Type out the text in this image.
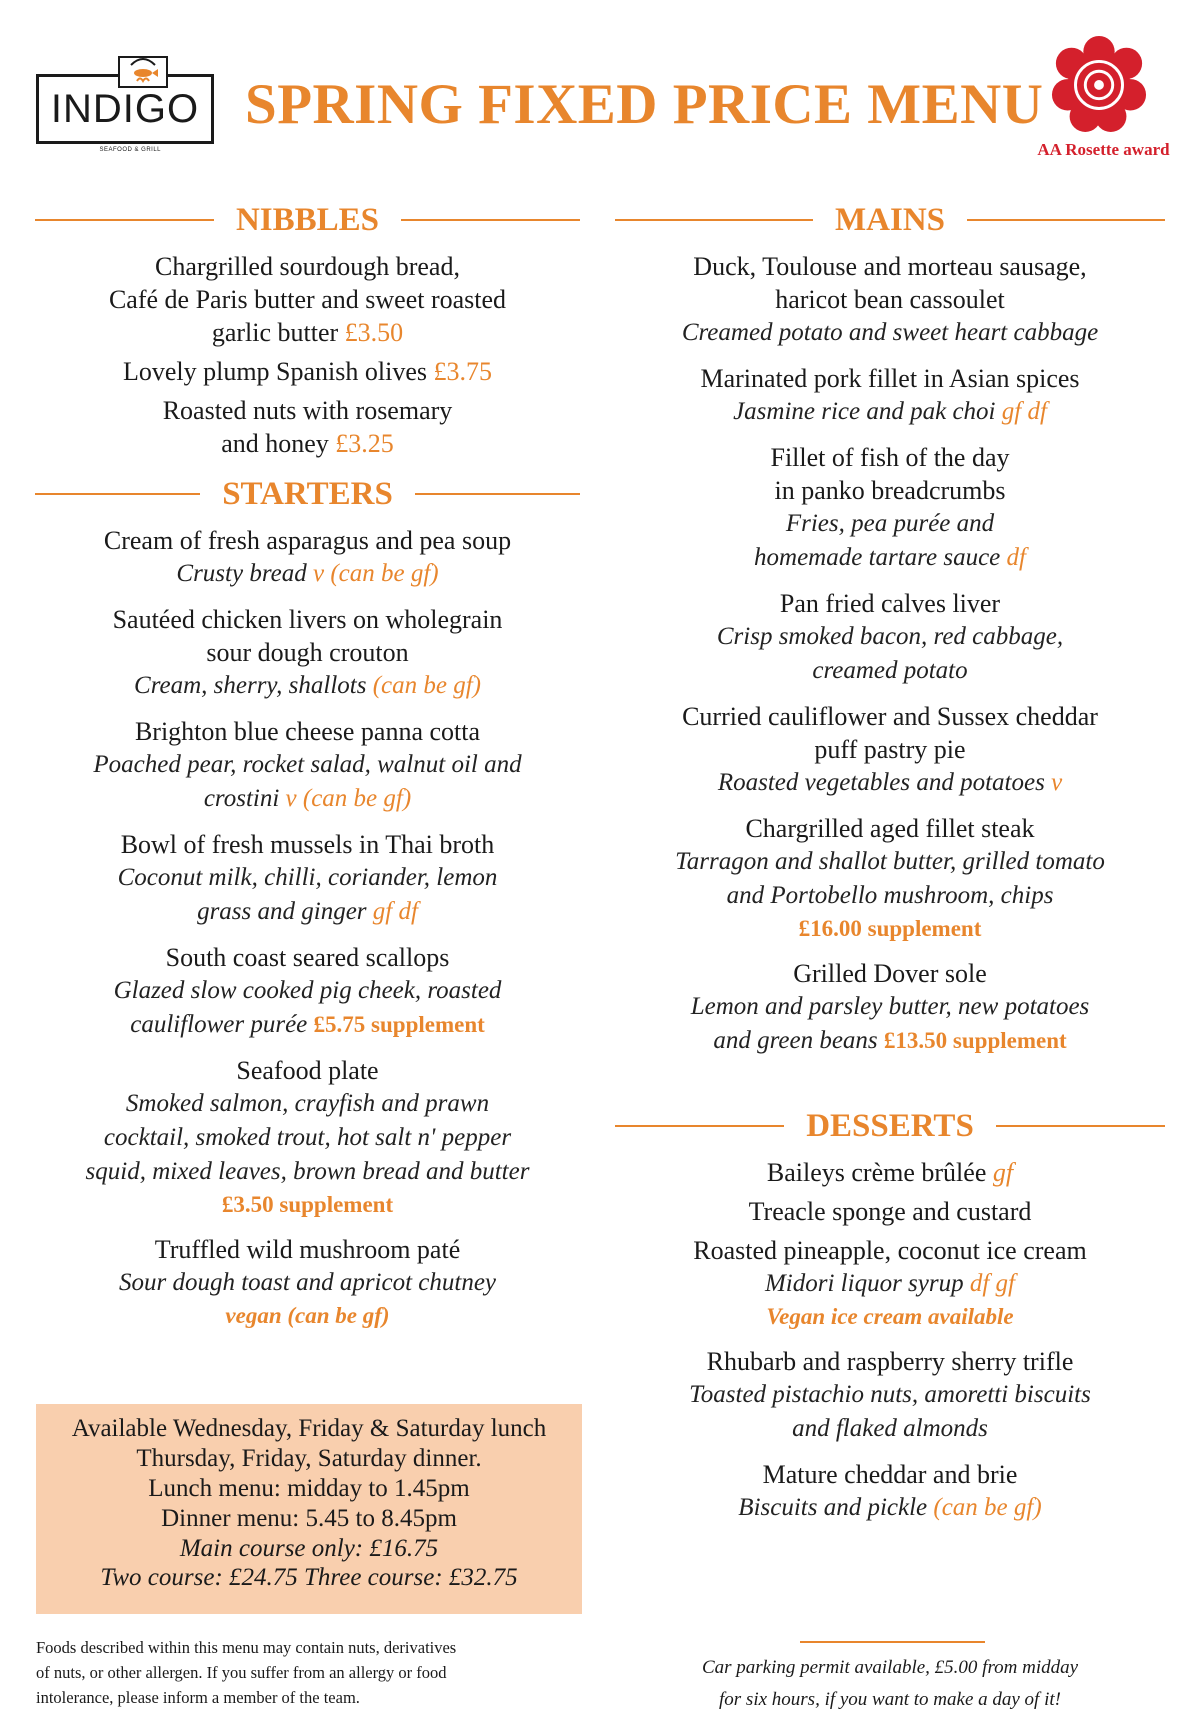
INDIGO
SEAFOOD & GRILL
SPRING FIXED PRICE MENU
AA Rosette award
NIBBLES
Chargrilled sourdough bread,
Café de Paris butter and sweet roasted
garlic butter £3.50
Lovely plump Spanish olives £3.75
Roasted nuts with rosemary
and honey £3.25
STARTERS
Cream of fresh asparagus and pea soup
Crusty bread v (can be gf)
Sautéed chicken livers on wholegrain
sour dough crouton
Cream, sherry, shallots (can be gf)
Brighton blue cheese panna cotta
Poached pear, rocket salad, walnut oil and
crostini v (can be gf)
Bowl of fresh mussels in Thai broth
Coconut milk, chilli, coriander, lemon
grass and ginger gf df
South coast seared scallops
Glazed slow cooked pig cheek, roasted
cauliflower purée £5.75 supplement
Seafood plate
Smoked salmon, crayfish and prawn
cocktail, smoked trout, hot salt n' pepper
squid, mixed leaves, brown bread and butter
£3.50 supplement
Truffled wild mushroom paté
Sour dough toast and apricot chutney
vegan (can be gf)
Available Wednesday, Friday & Saturday lunch
Thursday, Friday, Saturday dinner.
Lunch menu: midday to 1.45pm
Dinner menu: 5.45 to 8.45pm
Main course only: £16.75
Two course: £24.75 Three course: £32.75
Foods described within this menu may contain nuts, derivatives
of nuts, or other allergen. If you suffer from an allergy or food
intolerance, please inform a member of the team.
MAINS
Duck, Toulouse and morteau sausage,
haricot bean cassoulet
Creamed potato and sweet heart cabbage
Marinated pork fillet in Asian spices
Jasmine rice and pak choi gf df
Fillet of fish of the day
in panko breadcrumbs
Fries, pea purée and
homemade tartare sauce df
Pan fried calves liver
Crisp smoked bacon, red cabbage,
creamed potato
Curried cauliflower and Sussex cheddar
puff pastry pie
Roasted vegetables and potatoes v
Chargrilled aged fillet steak
Tarragon and shallot butter, grilled tomato
and Portobello mushroom, chips
£16.00 supplement
Grilled Dover sole
Lemon and parsley butter, new potatoes
and green beans £13.50 supplement
DESSERTS
Baileys crème brûlée gf
Treacle sponge and custard
Roasted pineapple, coconut ice cream
Midori liquor syrup df gf
Vegan ice cream available
Rhubarb and raspberry sherry trifle
Toasted pistachio nuts, amoretti biscuits
and flaked almonds
Mature cheddar and brie
Biscuits and pickle (can be gf)
Car parking permit available, £5.00 from midday
for six hours, if you want to make a day of it!
